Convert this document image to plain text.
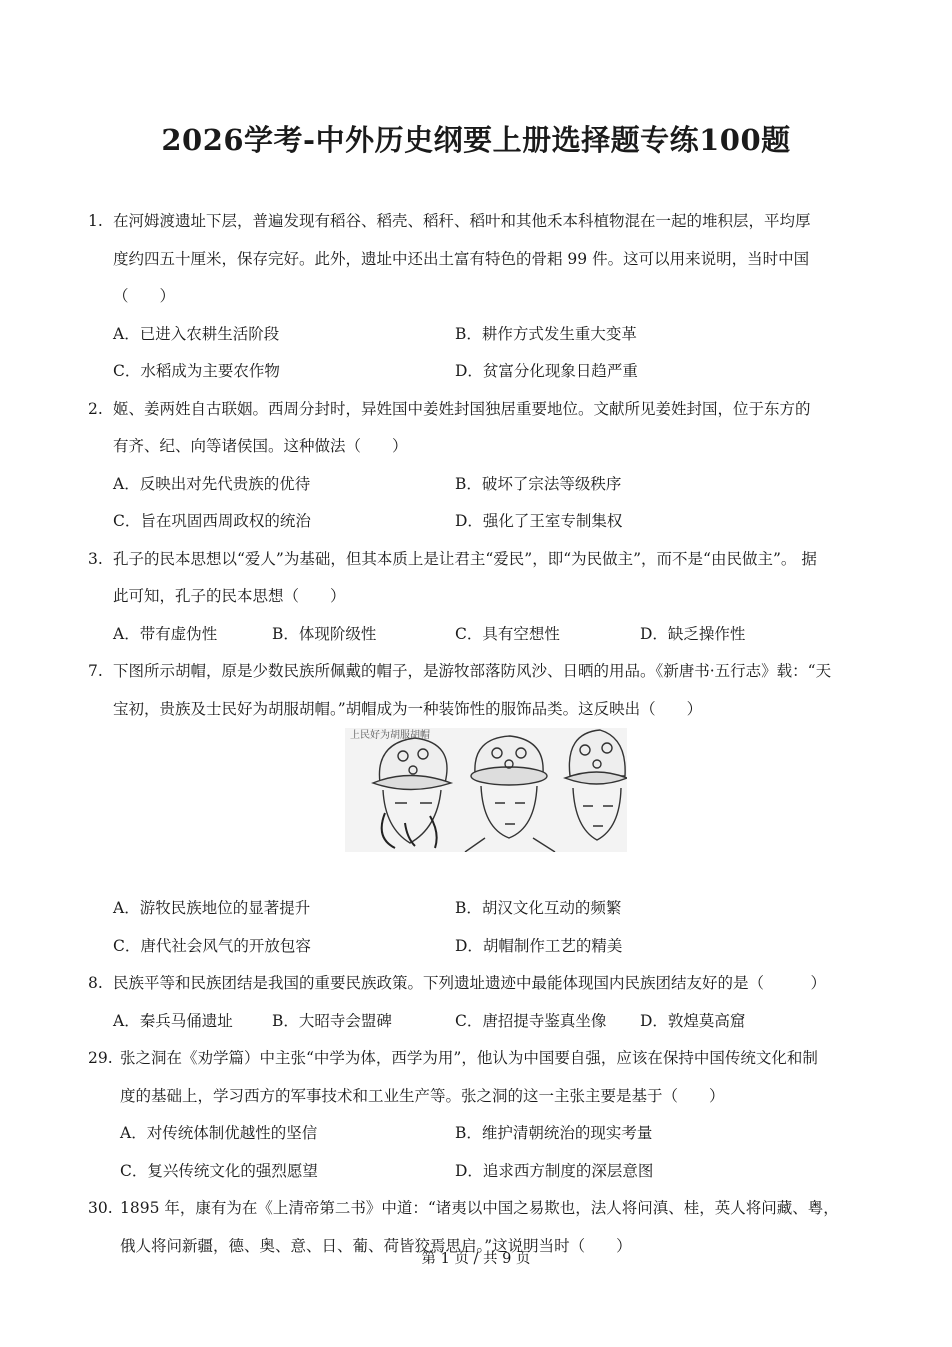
2026学考-中外历史纲要上册选择题专练100题
1. 在河姆渡遗址下层，普遍发现有稻谷、稻壳、稻秆、稻叶和其他禾本科植物混在一起的堆积层，平均厚
度约四五十厘米，保存完好。此外，遗址中还出土富有特色的骨耜 99 件。这可以用来说明，当时中国
（　　）
A．已进入农耕生活阶段	B．耕作方式发生重大变革
C．水稻成为主要农作物	D．贫富分化现象日趋严重
2. 姬、姜两姓自古联姻。西周分封时，异姓国中姜姓封国独居重要地位。文献所见姜姓封国，位于东方的
有齐、纪、向等诸侯国。这种做法（　　）
A．反映出对先代贵族的优待	B．破坏了宗法等级秩序
C．旨在巩固西周政权的统治	D．强化了王室专制集权
3. 孔子的民本思想以“爱人”为基础，但其本质上是让君主“爱民”，即“为民做主”，而不是“由民做主”。 据
此可知，孔子的民本思想（　　）
A．带有虚伪性	B．体现阶级性	C．具有空想性	D．缺乏操作性
7. 下图所示胡帽，原是少数民族所佩戴的帽子，是游牧部落防风沙、日晒的用品。《新唐书·五行志》载：“天
宝初，贵族及士民好为胡服胡帽。”胡帽成为一种装饰性的服饰品类。这反映出（　　）
A．游牧民族地位的显著提升	B．胡汉文化互动的频繁
C．唐代社会风气的开放包容	D．胡帽制作工艺的精美
8. 民族平等和民族团结是我国的重要民族政策。下列遗址遗迹中最能体现国内民族团结友好的是（　　　）
A．秦兵马俑遗址	B．大昭寺会盟碑	C．唐招提寺鉴真坐像 D．敦煌莫高窟
29. 张之洞在《劝学篇）中主张“中学为体，西学为用”，他认为中国要自强，应该在保持中国传统文化和制
度的基础上，学习西方的军事技术和工业生产等。张之洞的这一主张主要是基于（　　）
A．对传统体制优越性的坚信	B．维护清朝统治的现实考量
C．复兴传统文化的强烈愿望	D．追求西方制度的深层意图
30. 1895 年，康有为在《上清帝第二书》中道：“诸夷以中国之易欺也，法人将问滇、桂，英人将问藏、粤，
俄人将问新疆，德、奥、意、日、葡、荷皆狡焉思启。”这说明当时（　　）
上民好为胡服胡帽
第 1 页 / 共 9 页
